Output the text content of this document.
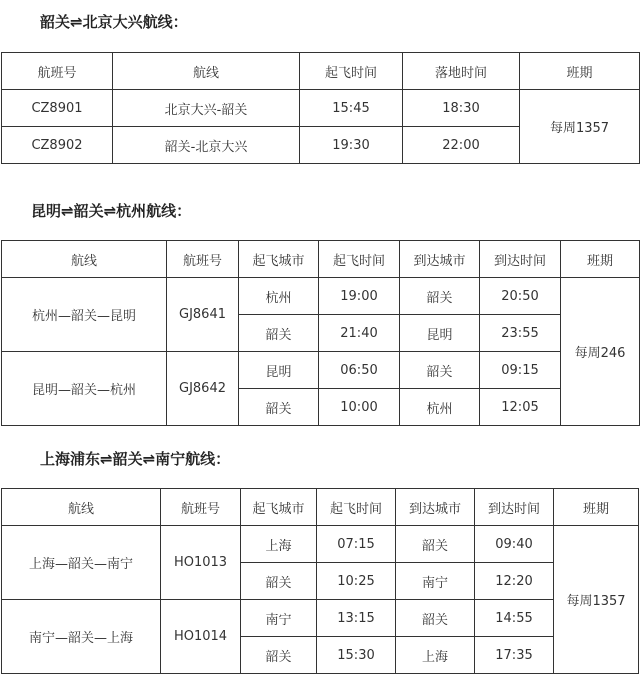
韶关⇌北京大兴航线：
航班号	航线	起飞时间	落地时间	班期
CZ8901	北京大兴-韶关	15:45	18:30	每周1357
CZ8902	韶关-北京大兴	19:30	22:00	
昆明⇌韶关⇌杭州航线：
航线	航班号	起飞城市	起飞时间	到达城市	到达时间	班期
杭州—韶关—昆明	GJ8641	杭州	19:00	韶关	20:50	每周246
		韶关	21:40	昆明	23:55	
昆明—韶关—杭州	GJ8642	昆明	06:50	韶关	09:15	
		韶关	10:00	杭州	12:05	
上海浦东⇌韶关⇌南宁航线：
航线	航班号	起飞城市	起飞时间	到达城市	到达时间	班期
上海—韶关—南宁	HO1013	上海	07:15	韶关	09:40	每周1357
		韶关	10:25	南宁	12:20	
南宁—韶关—上海	HO1014	南宁	13:15	韶关	14:55	
		韶关	15:30	上海	17:35	
